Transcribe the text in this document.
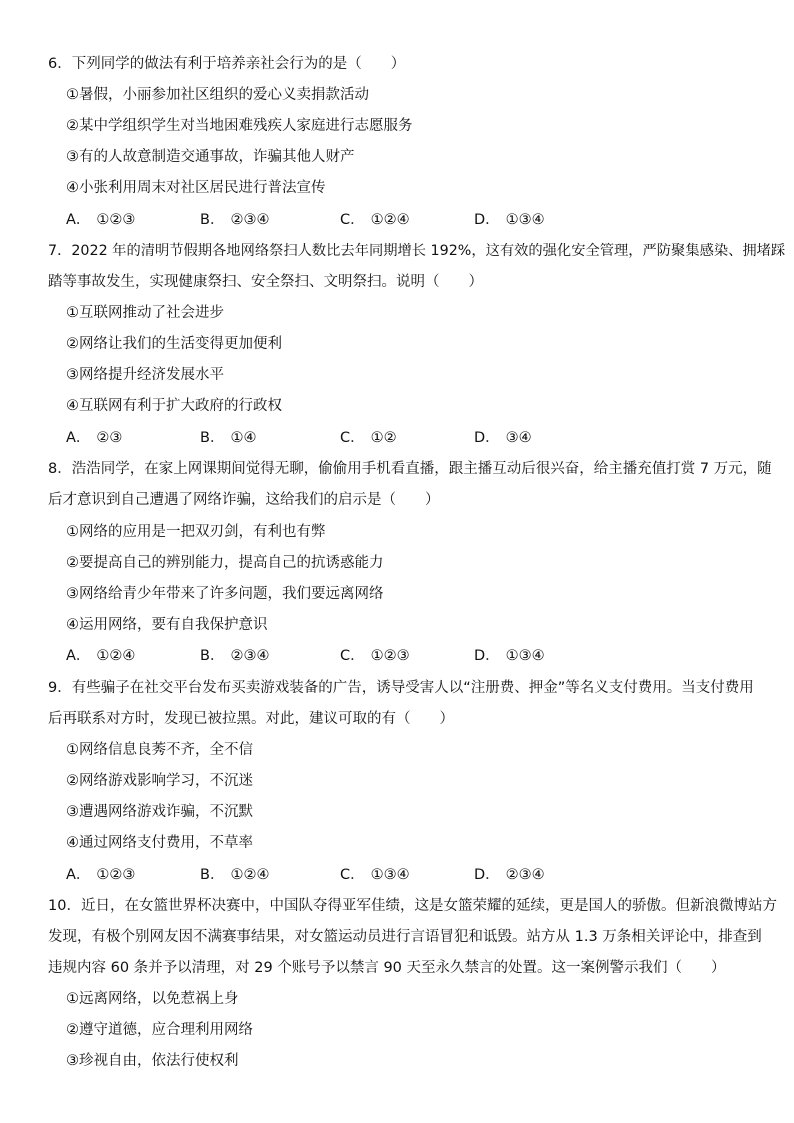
6．下列同学的做法有利于培养亲社会行为的是（　　）
①暑假，小丽参加社区组织的爱心义卖捐款活动
②某中学组织学生对当地困难残疾人家庭进行志愿服务
③有的人故意制造交通事故，诈骗其他人财产
④小张利用周末对社区居民进行普法宣传
A． ①②③	B． ②③④	C． ①②④	D． ①③④
7．2022 年的清明节假期各地网络祭扫人数比去年同期增长 192%，这有效的强化安全管理，严防聚集感染、拥堵踩
踏等事故发生，实现健康祭扫、安全祭扫、文明祭扫。说明（　　）
①互联网推动了社会进步
②网络让我们的生活变得更加便利
③网络提升经济发展水平
④互联网有利于扩大政府的行政权
A． ②③	B． ①④	C． ①②	D． ③④
8．浩浩同学，在家上网课期间觉得无聊，偷偷用手机看直播，跟主播互动后很兴奋，给主播充值打赏 7 万元，随
后才意识到自己遭遇了网络诈骗，这给我们的启示是（　　）
①网络的应用是一把双刃剑，有利也有弊
②要提高自己的辨别能力，提高自己的抗诱惑能力
③网络给青少年带来了许多问题，我们要远离网络
④运用网络，要有自我保护意识
A． ①②④	B． ②③④	C． ①②③	D． ①③④
9．有些骗子在社交平台发布买卖游戏装备的广告，诱导受害人以“注册费、押金”等名义支付费用。当支付费用
后再联系对方时，发现已被拉黑。对此，建议可取的有（　　）
①网络信息良莠不齐，全不信
②网络游戏影响学习，不沉迷
③遭遇网络游戏诈骗，不沉默
④通过网络支付费用，不草率
A． ①②③	B． ①②④	C． ①③④	D． ②③④
10．近日，在女篮世界杯决赛中，中国队夺得亚军佳绩，这是女篮荣耀的延续，更是国人的骄傲。但新浪微博站方
发现，有极个别网友因不满赛事结果，对女篮运动员进行言语冒犯和诋毁。站方从 1.3 万条相关评论中，排查到
违规内容 60 条并予以清理，对 29 个账号予以禁言 90 天至永久禁言的处置。这一案例警示我们（　　）
①远离网络，以免惹祸上身
②遵守道德，应合理利用网络
③珍视自由，依法行使权利
